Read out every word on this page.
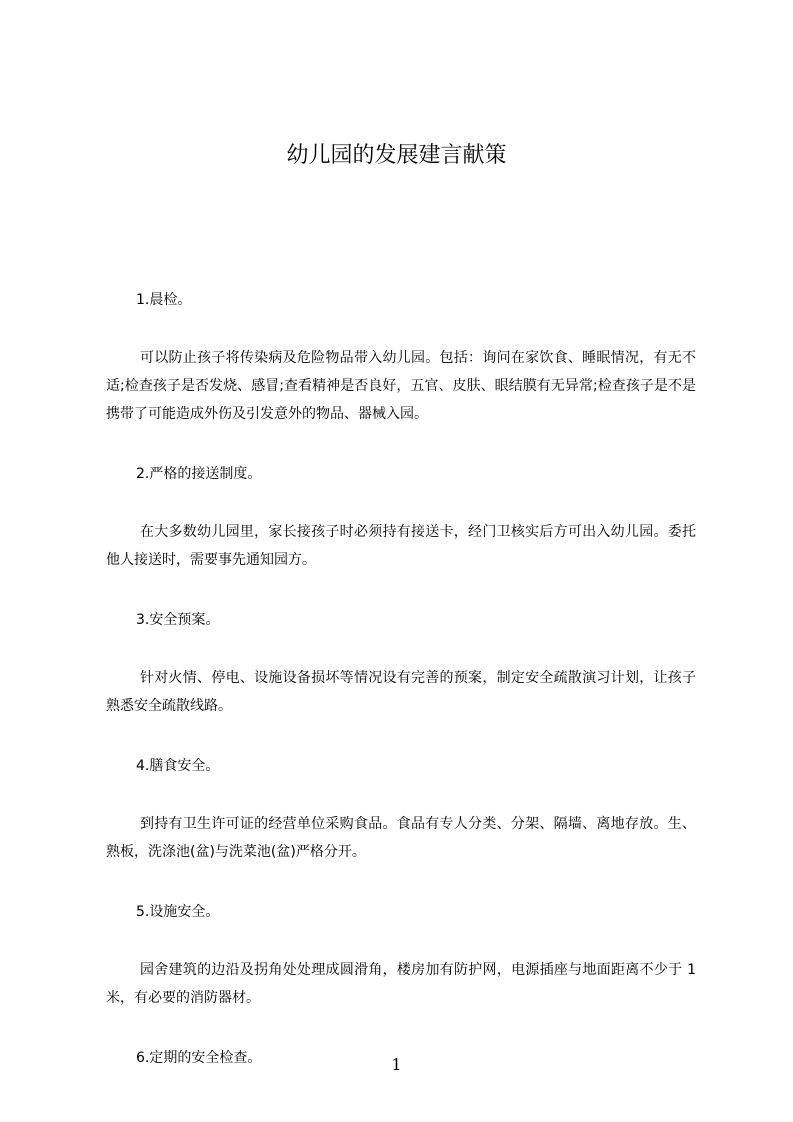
幼儿园的发展建言献策

1.晨检。

可以防止孩子将传染病及危险物品带入幼儿园。包括：询问在家饮食、睡眠情况，有无不适;检查孩子是否发烧、感冒;查看精神是否良好，五官、皮肤、眼结膜有无异常;检查孩子是不是携带了可能造成外伤及引发意外的物品、器械入园。

2.严格的接送制度。

在大多数幼儿园里，家长接孩子时必须持有接送卡，经门卫核实后方可出入幼儿园。委托他人接送时，需要事先通知园方。

3.安全预案。

针对火情、停电、设施设备损坏等情况设有完善的预案，制定安全疏散演习计划，让孩子熟悉安全疏散线路。

4.膳食安全。

到持有卫生许可证的经营单位采购食品。食品有专人分类、分架、隔墙、离地存放。生、熟板，洗涤池(盆)与洗菜池(盆)严格分开。

5.设施安全。

园舍建筑的边沿及拐角处处理成圆滑角，楼房加有防护网，电源插座与地面距离不少于 1 米，有必要的消防器材。

6.定期的安全检查。	1
